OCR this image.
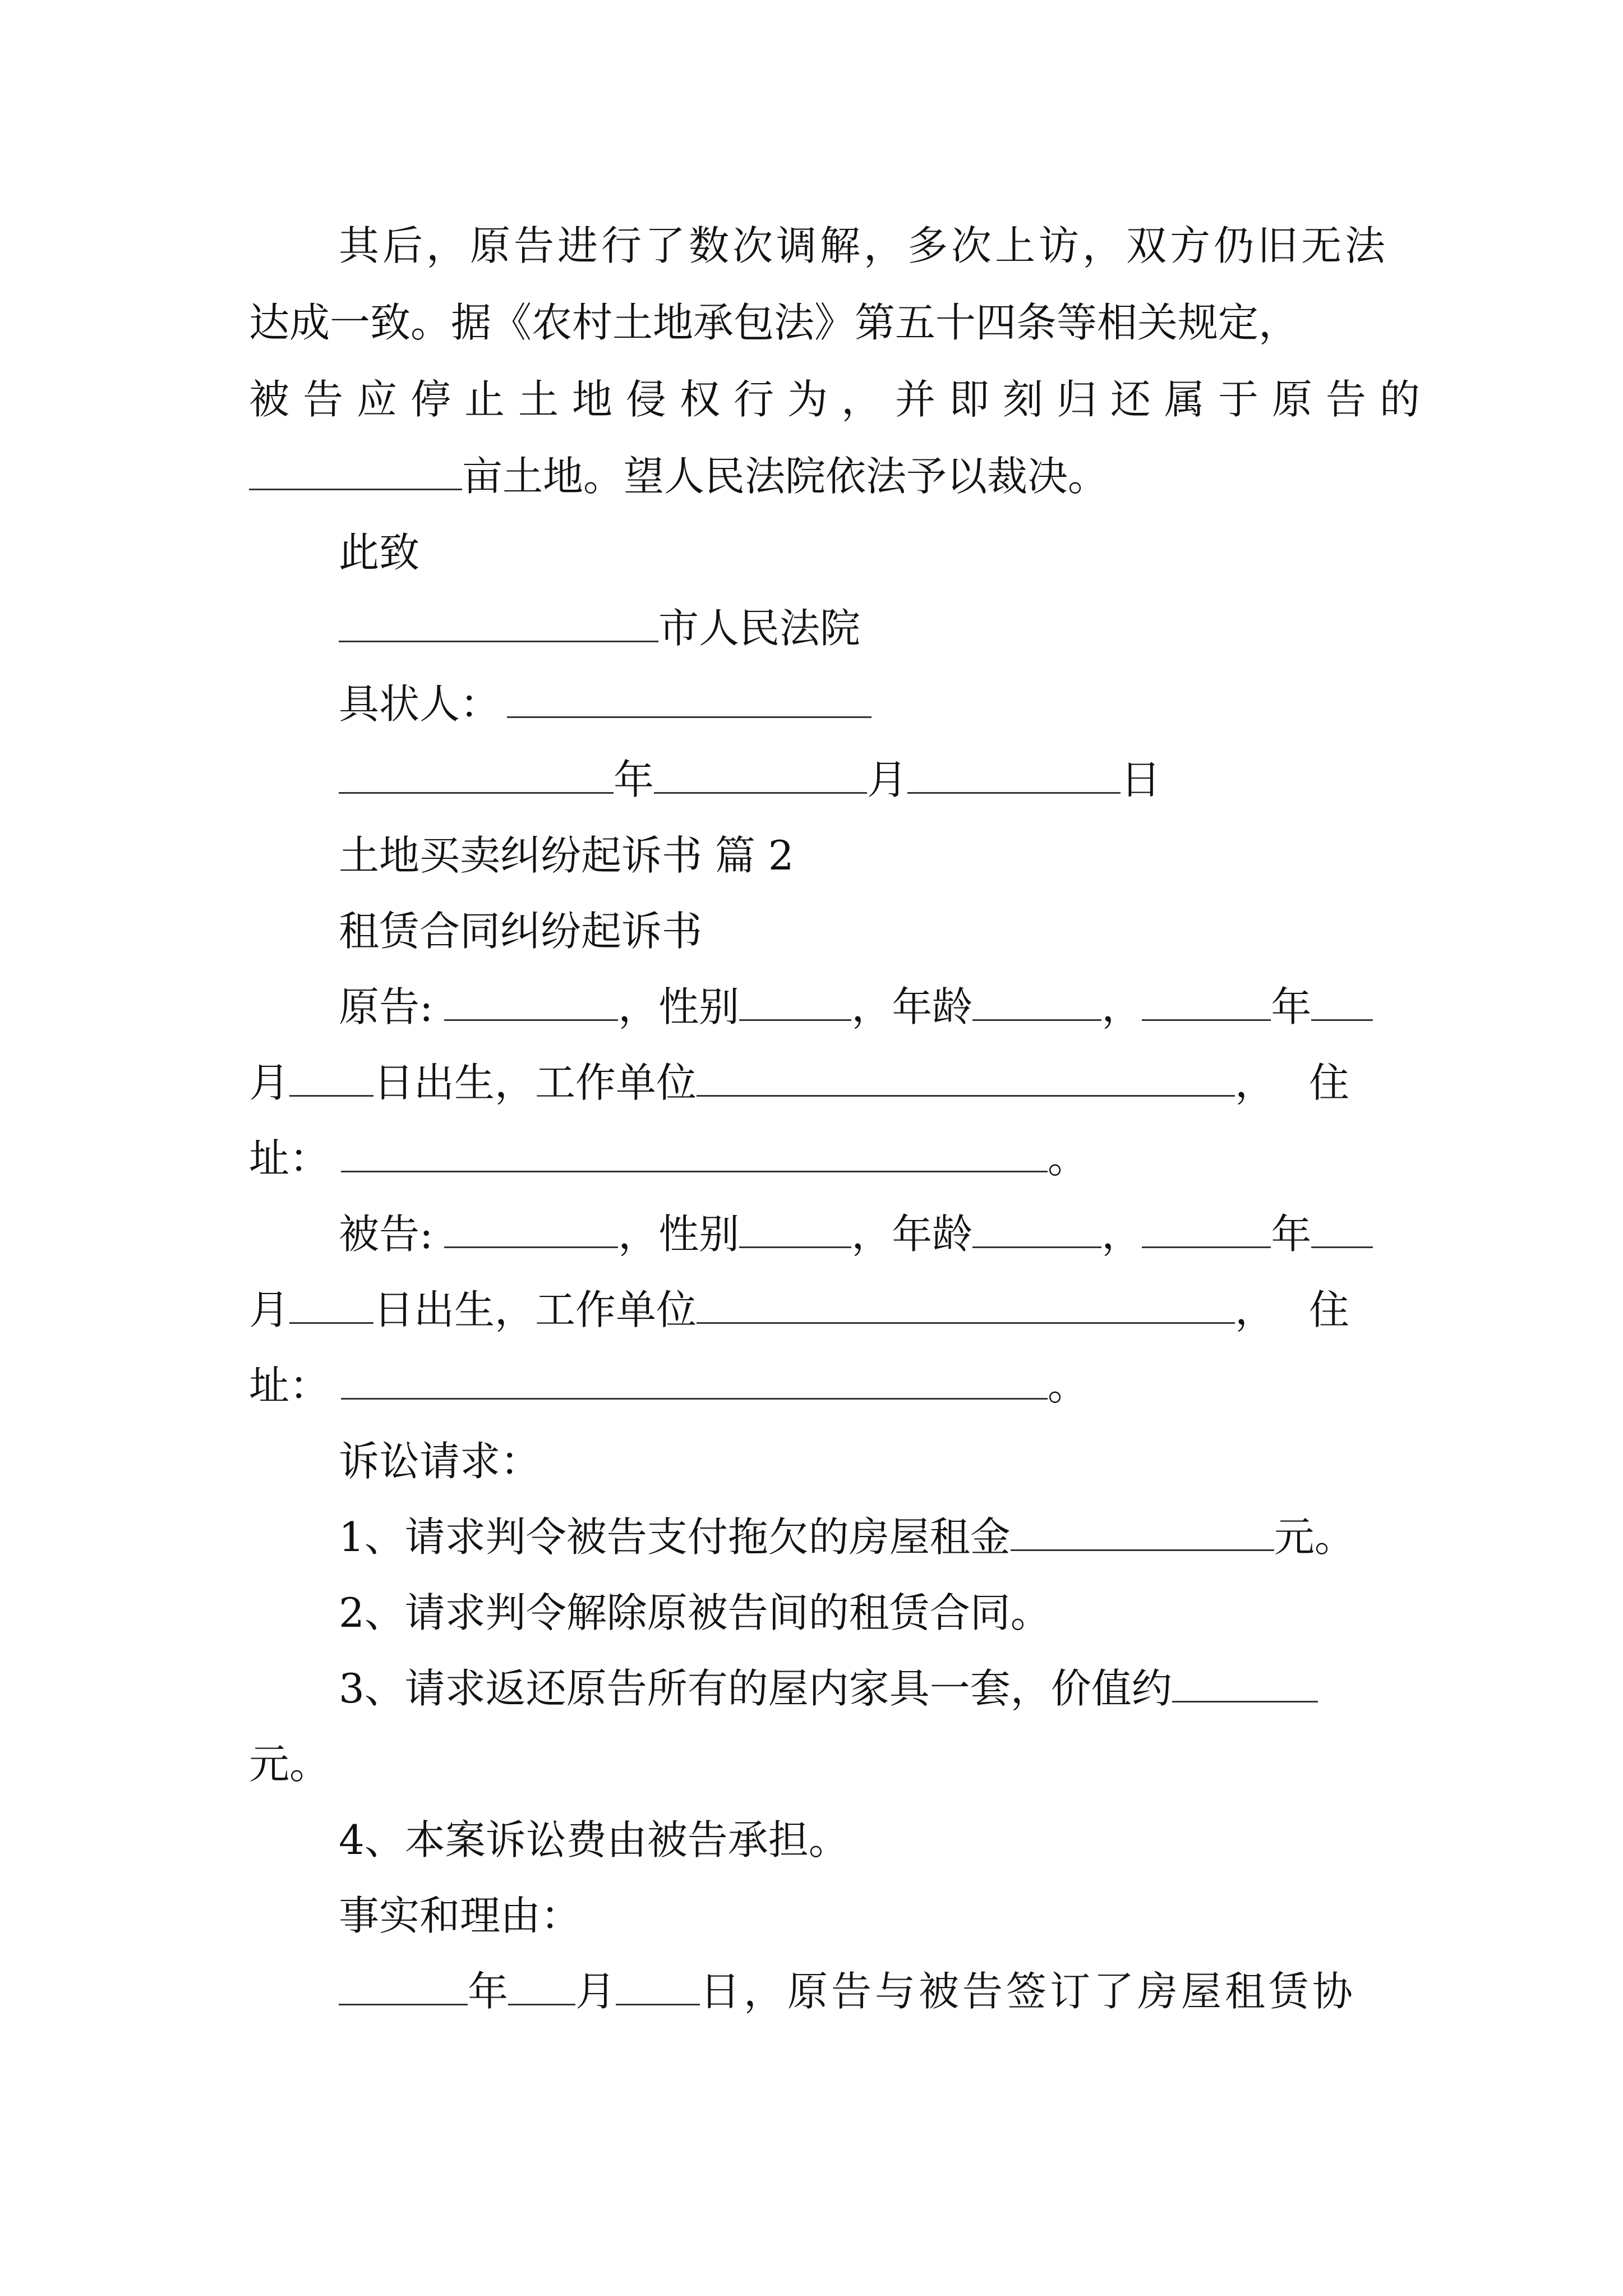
其后，原告进行了数次调解，多次上访，双方仍旧无法
达成一致。据《农村土地承包法》第五十四条等相关规定，
被告应停止土地侵权行为，并即刻归还属于原告的
亩土地。望人民法院依法予以裁决。
此致
市人民法院
具状人：
年	月	日
土地买卖纠纷起诉书 篇 2
租赁合同纠纷起诉书
原告:	，性别	，年龄	，	年
月 日出生，工作单位	，住
址：	。
被告:	，性别	，年龄	，	年
月 日出生，工作单位	，住
址：	。
诉讼请求：
1、请求判令被告支付拖欠的房屋租金	元。
2、请求判令解除原被告间的租赁合同。
3、请求返还原告所有的屋内家具一套，价值约
元。
4、本案诉讼费由被告承担。
事实和理由：
年 月 日，原告与被告签订了房屋租赁协
